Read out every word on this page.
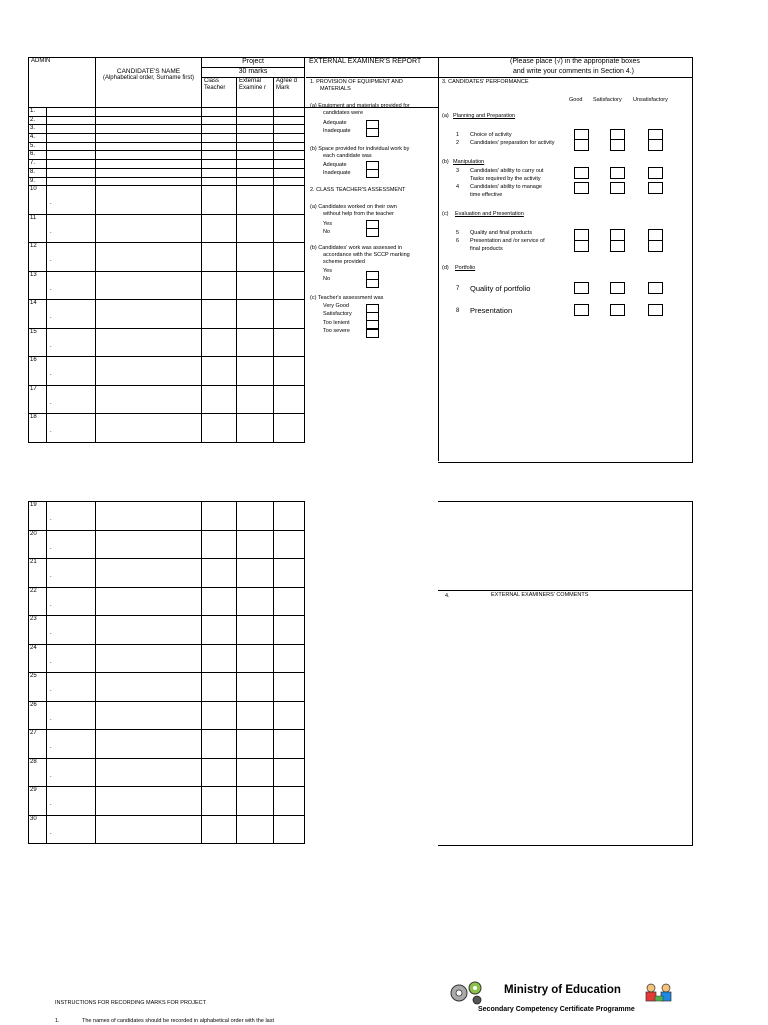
ADMIN		CANDIDATE'S NAME
(Alphabetical order, Surname first)	Project			
			30 marks			
			Class Teacher	External Examine r	Agree d Mark	
1.						
2.						
3.						
4.						
5.						
6.						
7.						
8.						
9.						
10	.					
11	.					
12	.					
13	.					
14	.					
15	.					
16	.					
17	.					
18	.					
EXTERNAL EXAMINER'S REPORT	(Please place (√) in the appropriate boxes
and write your comments in Section 4.)
1. PROVISION OF EQUIPMENT AND
MATERIALS
(a) Equipment and materials provided for
candidates were
Adequate
Inadequate
(b) Space provided for individual work by
each candidate was
Adequate
Inadequate
2. CLASS TEACHER'S ASSESSMENT
(a) Candidates worked on their own
without help from the teacher
Yes
No
(b) Candidates' work was assessed in
accordance with the SCCP marking
scheme provided
Yes
No
(c) Teacher's assessment was
Very Good
Satisfactory
Too lenient
Too severe
3. CANDIDATES' PERFORMANCE
Good Satisfactory Unsatisfactory
(a) Planning and Preparation
1 Choice of activity
2 Candidates' preparation for activity
(b) Manipulation
3 Candidates' ability to carry out
Tasks required by the activity
4 Candidates' ability to manage
time effective
(c) Evaluation and Presentation
5 Quality and final products
6 Presentation and /or service of
final products
(d) Portfolio
7 Quality of portfolio
8 Presentation
19	.				
20	.				
21	.				
22	.				
23	.				
24	.				
25	.				
26	.				
27	.				
28	.				
29	.				
30	.				
4.	EXTERNAL EXAMINERS' COMMENTS
INSTRUCTIONS FOR RECORDING MARKS FOR PROJECT
1.	The names of candidates should be recorded in alphabetical order with the last
Ministry of Education
Secondary Competency Certificate Programme
